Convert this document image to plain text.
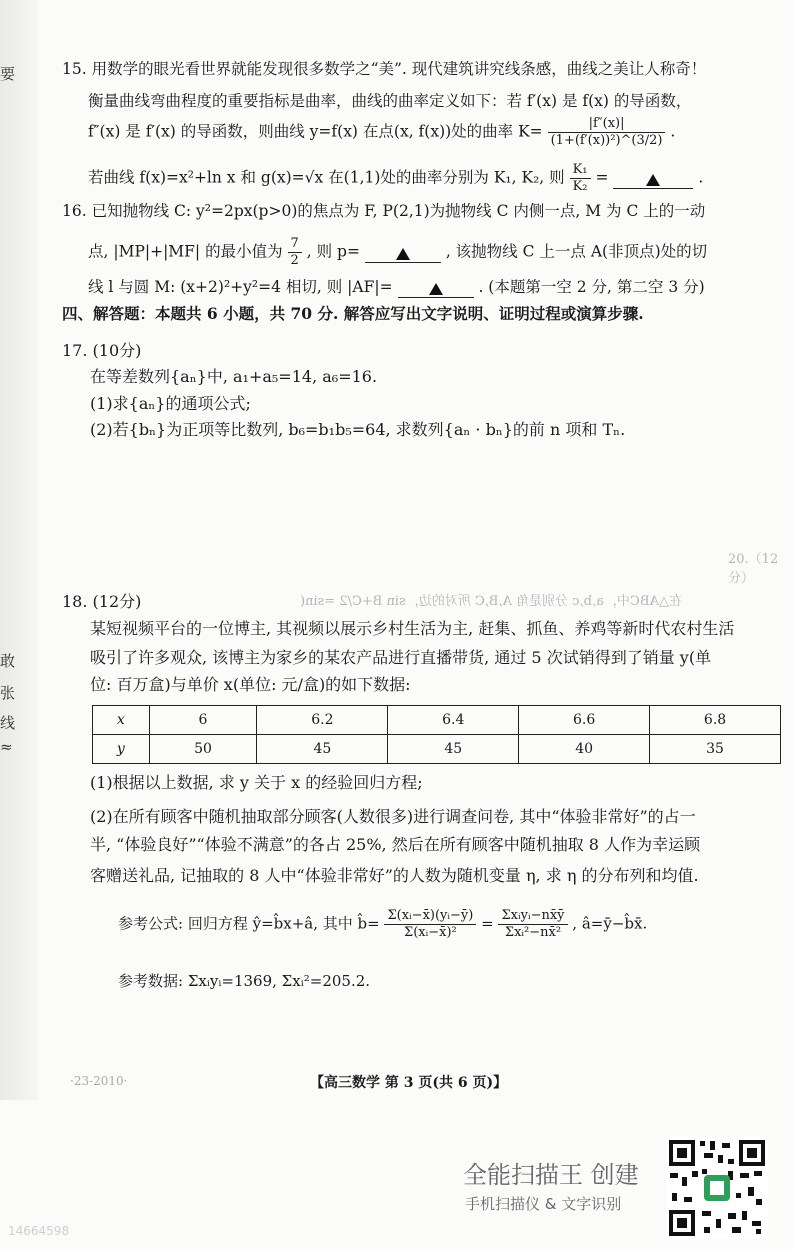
要
敢
张
线
≈
15. 用数学的眼光看世界就能发现很多数学之“美”. 现代建筑讲究线条感，曲线之美让人称奇！
衡量曲线弯曲程度的重要指标是曲率，曲线的曲率定义如下：若 f′(x) 是 f(x) 的导函数，
f″(x) 是 f′(x) 的导函数，则曲线 y=f(x) 在点(x, f(x))处的曲率 $K= \frac{|f''(x)|}{\text{(1+(f′(x))²)\textasciicircum{}(3/2)}}$ .
若曲线 f(x)=x²+ln x 和 g(x)=√x 在(1,1)处的曲率分别为 K₁, K₂, 则 $\frac{\text{K₁}}{\text{K₂}}$ =	.
16. 已知抛物线 C: y²=2px(p>0)的焦点为 F, P(2,1)为抛物线 C 内侧一点, M 为 C 上的一动
点, |MP|+|MF| 的最小值为 $\frac{7}{2}$ , 则 p=	, 该抛物线 C 上一点 A(非顶点)处的切
线 l 与圆 M: (x+2)²+y²=4 相切, 则 |AF|=	. (本题第一空 2 分, 第二空 3 分)
四、解答题：本题共 6 小题，共 70 分. 解答应写出文字说明、证明过程或演算步骤.
17. (10分)
在等差数列{aₙ}中, a₁+a₅=14, a₆=16.
(1)求{aₙ}的通项公式;
(2)若{bₙ}为正项等比数列, b₆=b₁b₅=64, 求数列{aₙ · bₙ}的前 n 项和 Tₙ.
20.（12 分）
在△ABC中，a,b,c 分别是角 A,B,C 所对的边，sin B+C/2 =sin(
18. (12分)
某短视频平台的一位博主, 其视频以展示乡村生活为主, 赶集、抓鱼、养鸡等新时代农村生活
吸引了许多观众, 该博主为家乡的某农产品进行直播带货, 通过 5 次试销得到了销量 y(单
位: 百万盒)与单价 x(单位: 元/盒)的如下数据:
x	6	6.2	6.4	6.6	6.8
y	50	45	45	40	35
(1)根据以上数据, 求 y 关于 x 的经验回归方程;
(2)在所有顾客中随机抽取部分顾客(人数很多)进行调查问卷, 其中“体验非常好”的占一
半, “体验良好”“体验不满意”的各占 25%, 然后在所有顾客中随机抽取 8 人作为幸运顾
客赠送礼品, 记抽取的 8 人中“体验非常好”的人数为随机变量 η, 求 η 的分布列和均值.
参考公式: 回归方程 ŷ=b̂x+â, 其中 b̂= $\frac{\text{Σ(xᵢ−x̄)(yᵢ−ȳ)}}{\text{Σ(xᵢ−x̄)²}} = \frac{\text{Σxᵢyᵢ−nx̄ȳ}}{\text{Σxᵢ²−nx̄²}}$ , â=ȳ−b̂x̄.
参考数据: Σxᵢyᵢ=1369, Σxᵢ²=205.2.
·23-2010·	【高三数学 第 3 页(共 6 页)】
全能扫描王 创建
手机扫描仪 & 文字识别
14664598
